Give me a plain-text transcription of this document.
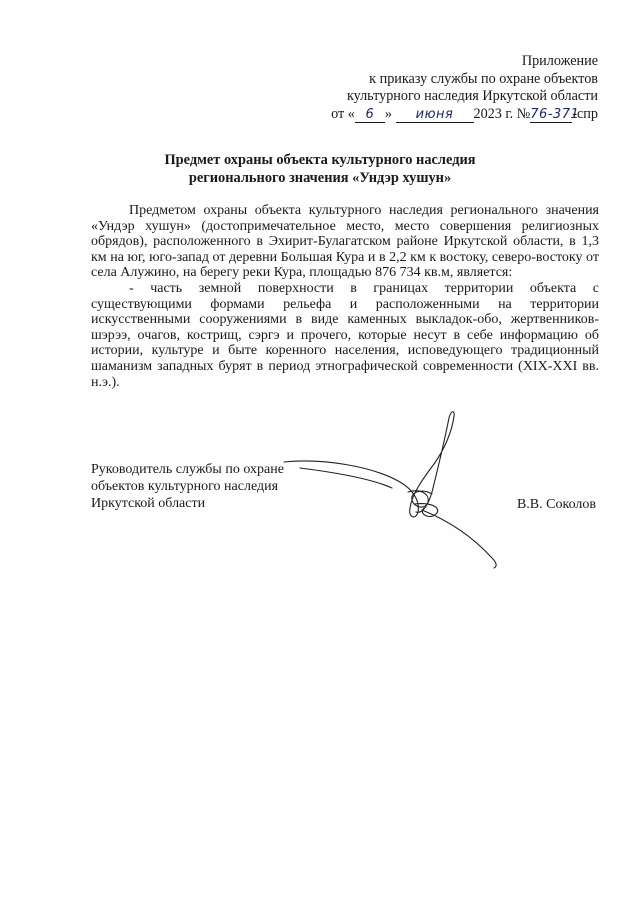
Приложение
к приказу службы по охране объектов
культурного наследия Иркутской области
от « 6 » июня 2023 г. №76-371-спр
Предмет охраны объекта культурного наследия
регионального значения «Ундэр хушун»

Предметом охраны объекта культурного наследия регионального значения «Ундэр хушун» (достопримечательное место, место совершения религиозных обрядов), расположенного в Эхирит-Булагатском районе Иркутской области, в 1,3 км на юг, юго-запад от деревни Большая Кура и в 2,2 км к востоку, северо-востоку от села Алужино, на берегу реки Кура, площадью 876 734 кв.м, является:

- часть земной поверхности в границах территории объекта с существующими формами рельефа и расположенными на территории искусственными сооружениями в виде каменных выкладок-обо, жертвенников-шэрээ, очагов, кострищ, сэргэ и прочего, которые несут в себе информацию об истории, культуре и быте коренного населения, исповедующего традиционный шаманизм западных бурят в период этнографической современности (XIX-XXI вв. н.э.).

Руководитель службы по охране
объектов культурного наследия
Иркутской области	В.В. Соколов
